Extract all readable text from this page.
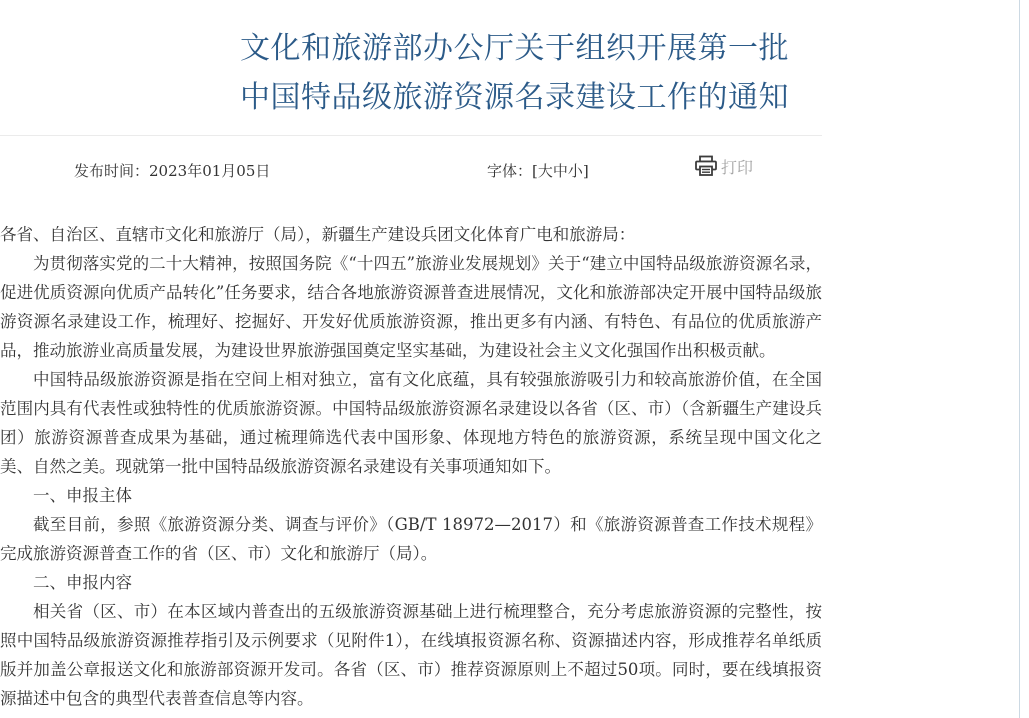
文化和旅游部办公厅关于组织开展第一批
中国特品级旅游资源名录建设工作的通知
发布时间：2023年01月05日	字体：[大中小]	打印

各省、自治区、直辖市文化和旅游厅（局），新疆生产建设兵团文化体育广电和旅游局：

为贯彻落实党的二十大精神，按照国务院《“十四五”旅游业发展规划》关于“建立中国特品级旅游资源名录，促进优质资源向优质产品转化”任务要求，结合各地旅游资源普查进展情况，文化和旅游部决定开展中国特品级旅游资源名录建设工作，梳理好、挖掘好、开发好优质旅游资源，推出更多有内涵、有特色、有品位的优质旅游产品，推动旅游业高质量发展，为建设世界旅游强国奠定坚实基础，为建设社会主义文化强国作出积极贡献。

中国特品级旅游资源是指在空间上相对独立，富有文化底蕴，具有较强旅游吸引力和较高旅游价值，在全国范围内具有代表性或独特性的优质旅游资源。中国特品级旅游资源名录建设以各省（区、市）（含新疆生产建设兵团）旅游资源普查成果为基础，通过梳理筛选代表中国形象、体现地方特色的旅游资源，系统呈现中国文化之美、自然之美。现就第一批中国特品级旅游资源名录建设有关事项通知如下。

一、申报主体

截至目前，参照《旅游资源分类、调查与评价》（GB/T 18972—2017）和《旅游资源普查工作技术规程》完成旅游资源普查工作的省（区、市）文化和旅游厅（局）。

二、申报内容

相关省（区、市）在本区域内普查出的五级旅游资源基础上进行梳理整合，充分考虑旅游资源的完整性，按照中国特品级旅游资源推荐指引及示例要求（见附件1），在线填报资源名称、资源描述内容，形成推荐名单纸质版并加盖公章报送文化和旅游部资源开发司。各省（区、市）推荐资源原则上不超过50项。同时，要在线填报资源描述中包含的典型代表普查信息等内容。
